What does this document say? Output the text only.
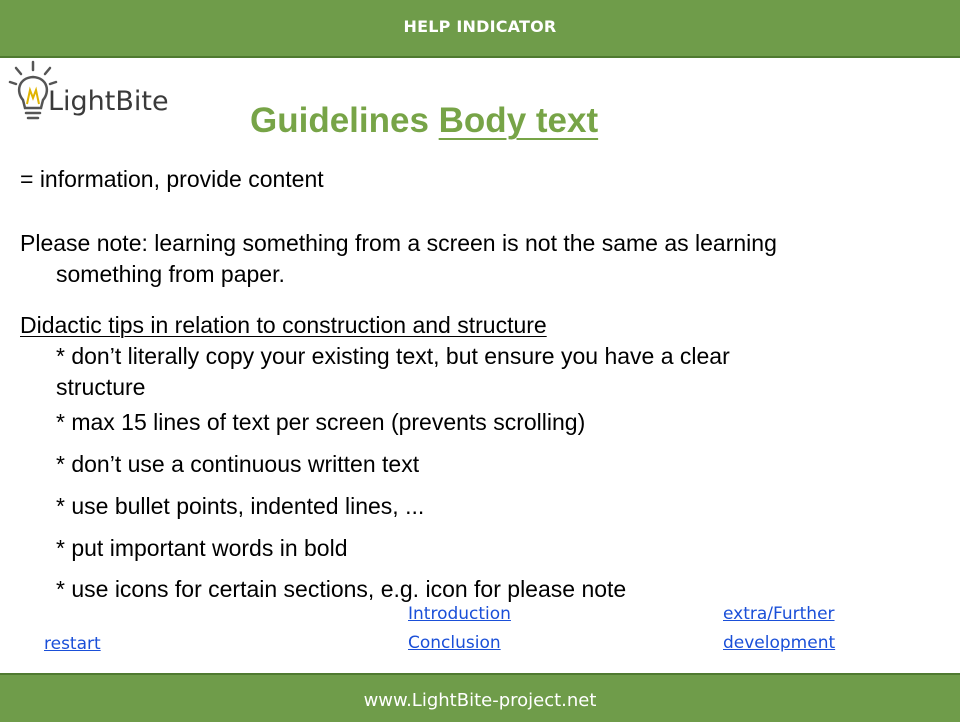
HELP INDICATOR
LightBite Guidelines Body text
= information, provide content
Please note: learning something from a screen is not the same as learning
something from paper.
Didactic tips in relation to construction and structure
* don’t literally copy your existing text, but ensure you have a clear
structure
* max 15 lines of text per screen (prevents scrolling)
* don’t use a continuous written text
* use bullet points, indented lines, ...
* put important words in bold
* use icons for certain sections, e.g. icon for please note
restart
Introduction
Conclusion
extra/Further
development
www.LightBite-project.net
